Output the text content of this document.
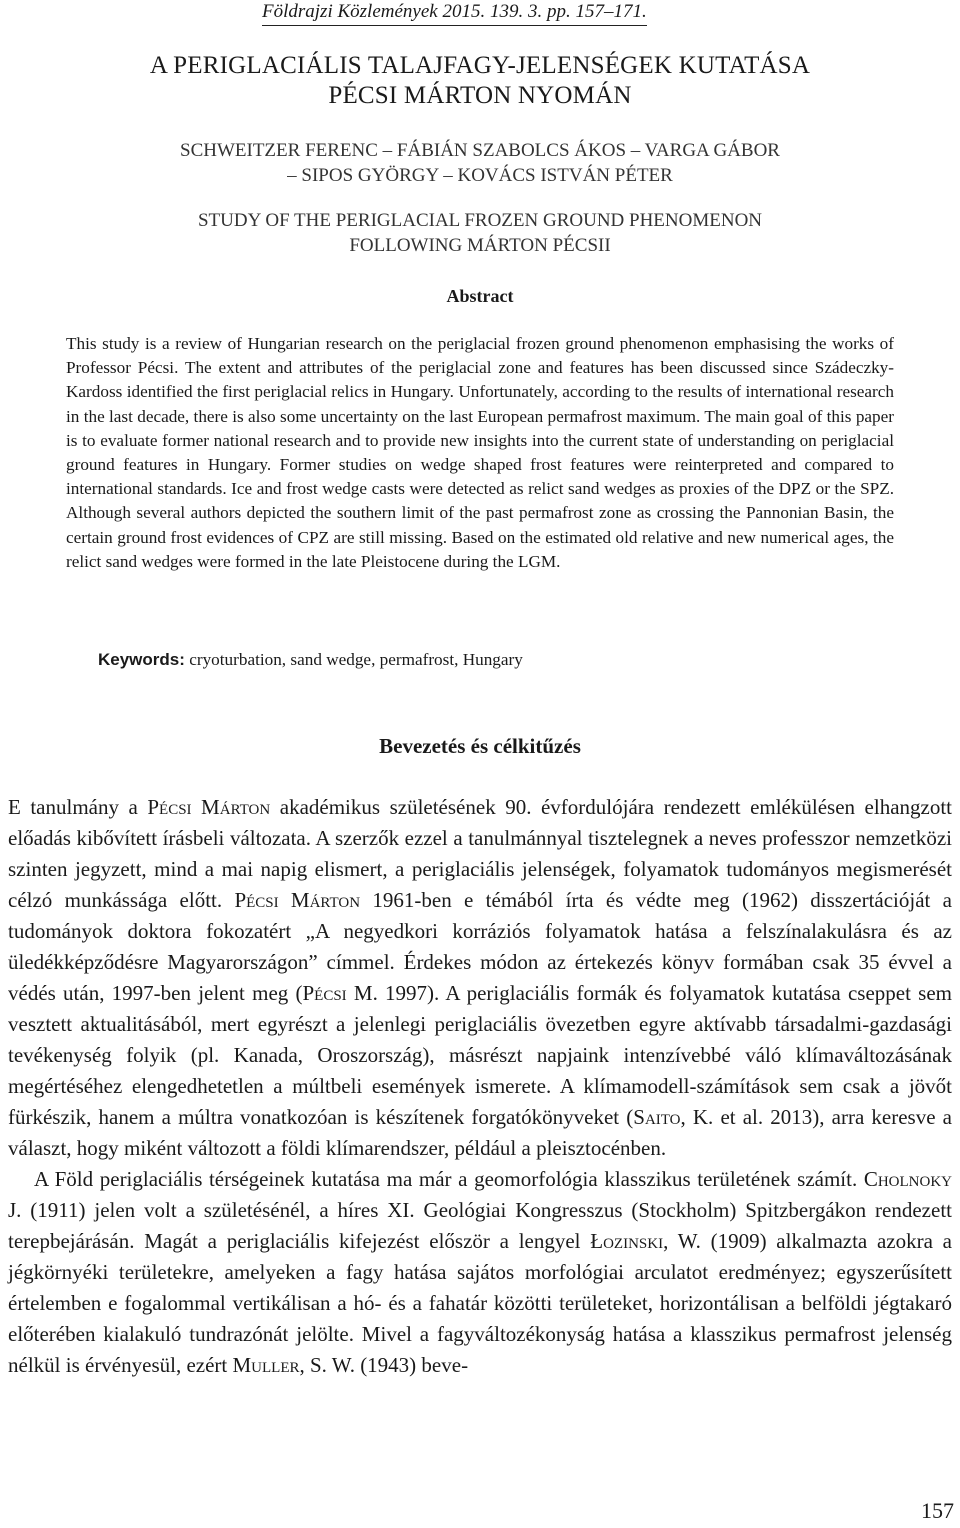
Földrajzi Közlemények 2015. 139. 3. pp. 157–171.
A PERIGLACIÁLIS TALAJFAGY-JELENSÉGEK KUTATÁSA
PÉCSI MÁRTON NYOMÁN
SCHWEITZER FERENC – FÁBIÁN SZABOLCS ÁKOS – VARGA GÁBOR
– SIPOS GYÖRGY – KOVÁCS ISTVÁN PÉTER
STUDY OF THE PERIGLACIAL FROZEN GROUND PHENOMENON
FOLLOWING MÁRTON PÉCSII
Abstract

This study is a review of Hungarian research on the periglacial frozen ground phenomenon emphasising the works of Professor Pécsi. The extent and attributes of the periglacial zone and features has been discussed since Szádeczky-Kardoss identified the first periglacial relics in Hungary. Unfortunately, according to the results of international research in the last decade, there is also some uncertainty on the last European permafrost maximum. The main goal of this paper is to evaluate former national research and to provide new insights into the current state of understanding on periglacial ground features in Hungary. Former studies on wedge shaped frost features were reinterpreted and compared to international standards. Ice and frost wedge casts were detected as relict sand wedges as proxies of the DPZ or the SPZ. Although several authors depicted the southern limit of the past permafrost zone as crossing the Pannonian Basin, the certain ground frost evidences of CPZ are still missing. Based on the estimated old relative and new numerical ages, the relict sand wedges were formed in the late Pleistocene during the LGM.

Keywords: cryoturbation, sand wedge, permafrost, Hungary
Bevezetés és célkitűzés

E tanulmány a Pécsi Márton akadémikus születésének 90. évfordulójára rendezett emlékülésen elhangzott előadás kibővített írásbeli változata. A szerzők ezzel a tanulmánnyal tisztelegnek a neves professzor nemzetközi szinten jegyzett, mind a mai napig elismert, a periglaciális jelenségek, folyamatok tudományos megismerését célzó munkássága előtt. Pécsi Márton 1961-ben e témából írta és védte meg (1962) disszertációját a tudományok doktora fokozatért „A negyedkori korráziós folyamatok hatása a felszínalakulásra és az üledékképződésre Magyarországon” címmel. Érdekes módon az értekezés könyv formában csak 35 évvel a védés után, 1997-ben jelent meg (Pécsi M. 1997). A periglaciális formák és folyamatok kutatása cseppet sem vesztett aktualitásából, mert egyrészt a jelenlegi periglaciális övezetben egyre aktívabb társadalmi-gazdasági tevékenység folyik (pl. Kanada, Oroszország), másrészt napjaink intenzívebbé váló klímaváltozásának megértéséhez elengedhetetlen a múltbeli események ismerete. A klímamodell-számítások sem csak a jövőt fürkészik, hanem a múltra vonatkozóan is készítenek forgatókönyveket (Saito, K. et al. 2013), arra keresve a választ, hogy miként változott a földi klímarendszer, például a pleisztocénben.

A Föld periglaciális térségeinek kutatása ma már a geomorfológia klasszikus területének számít. Cholnoky J. (1911) jelen volt a születésénél, a híres XI. Geológiai Kongresszus (Stockholm) Spitzbergákon rendezett terepbejárásán. Magát a periglaciális kifejezést először a lengyel Łozinski, W. (1909) alkalmazta azokra a jégkörnyéki területekre, amelyeken a fagy hatása sajátos morfológiai arculatot eredményez; egyszerűsített értelemben e fogalommal vertikálisan a hó- és a fahatár közötti területeket, horizontálisan a belföldi jégtakaró előterében kialakuló tundrazónát jelölte. Mivel a fagyváltozékonyság hatása a klasszikus permafrost jelenség nélkül is érvényesül, ezért Muller, S. W. (1943) beve-

157
